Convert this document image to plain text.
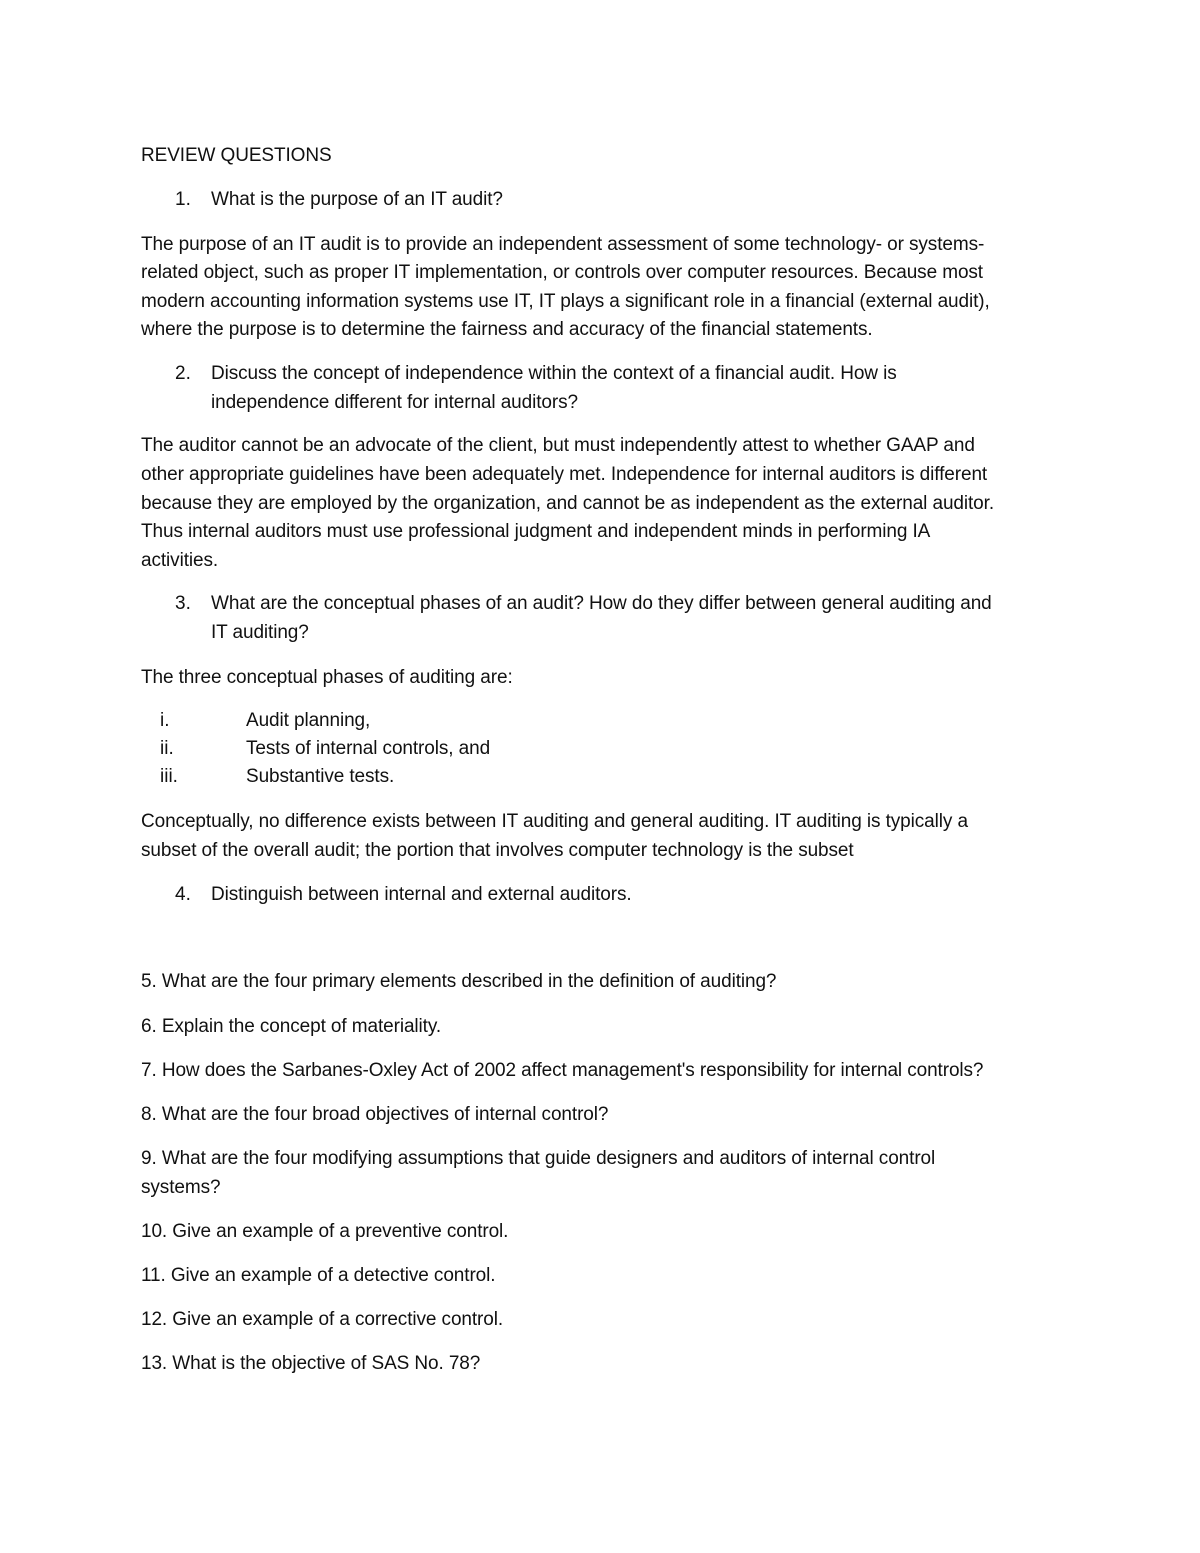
REVIEW QUESTIONS
1. What is the purpose of an IT audit?
The purpose of an IT audit is to provide an independent assessment of some technology- or systems-
related object, such as proper IT implementation, or controls over computer resources. Because most
modern accounting information systems use IT, IT plays a significant role in a financial (external audit),
where the purpose is to determine the fairness and accuracy of the financial statements.
2. Discuss the concept of independence within the context of a financial audit. How is
independence different for internal auditors?
The auditor cannot be an advocate of the client, but must independently attest to whether GAAP and
other appropriate guidelines have been adequately met. Independence for internal auditors is different
because they are employed by the organization, and cannot be as independent as the external auditor.
Thus internal auditors must use professional judgment and independent minds in performing IA
activities.
3. What are the conceptual phases of an audit? How do they differ between general auditing and
IT auditing?
The three conceptual phases of auditing are:
i.	Audit planning,
ii.	Tests of internal controls, and
iii.	Substantive tests.
Conceptually, no difference exists between IT auditing and general auditing. IT auditing is typically a
subset of the overall audit; the portion that involves computer technology is the subset
4. Distinguish between internal and external auditors.
5. What are the four primary elements described in the definition of auditing?
6. Explain the concept of materiality.
7. How does the Sarbanes-Oxley Act of 2002 affect management's responsibility for internal controls?
8. What are the four broad objectives of internal control?
9. What are the four modifying assumptions that guide designers and auditors of internal control
systems?
10. Give an example of a preventive control.
11. Give an example of a detective control.
12. Give an example of a corrective control.
13. What is the objective of SAS No. 78?
